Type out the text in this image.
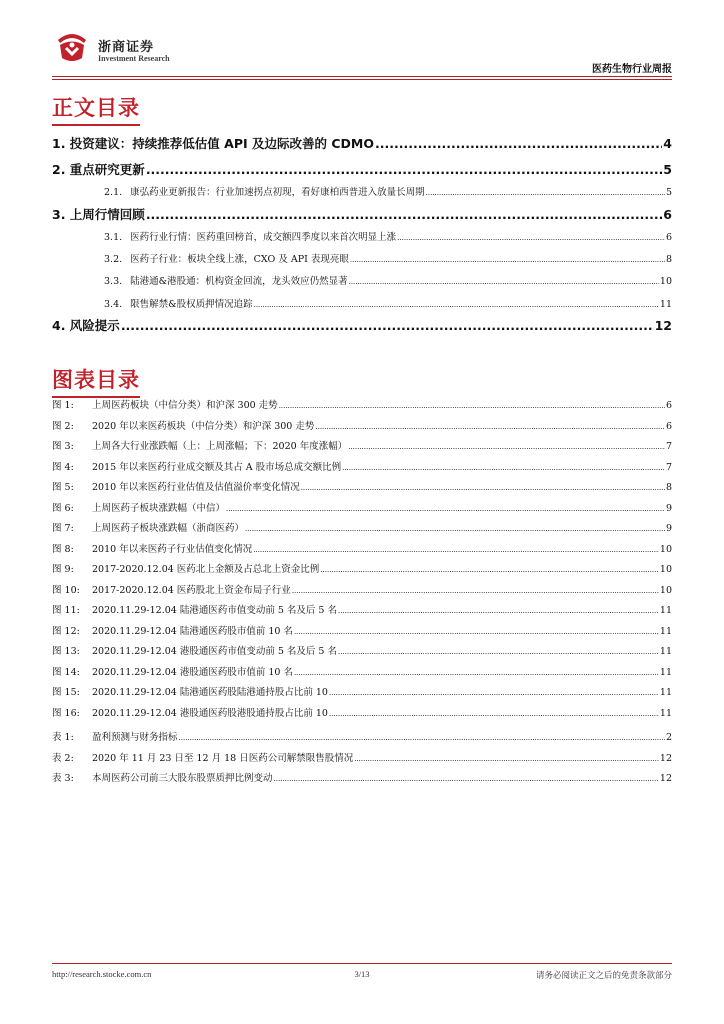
浙商证券
Investment Research
医药生物行业周报
正文目录
1. 投资建议：持续推荐低估值 API 及边际改善的 CDMO .....	4
2. 重点研究更新 .....	5
2.1. 康弘药业更新报告：行业加速拐点初现，看好康柏西普进入放量长周期 .....	5
3. 上周行情回顾 .....	6
3.1. 医药行业行情：医药重回榜首，成交额四季度以来首次明显上涨 .....	6
3.2. 医药子行业：板块全线上涨，CXO 及 API 表现亮眼 .....	8
3.3. 陆港通&港股通：机构资金回流，龙头效应仍然显著 .....	10
3.4. 限售解禁&股权质押情况追踪 .....	11
4. 风险提示 .....	12
图表目录
图 1: 上周医药板块（中信分类）和沪深 300 走势 .....	6
图 2: 2020 年以来医药板块（中信分类）和沪深 300 走势 .....	6
图 3: 上周各大行业涨跌幅（上：上周涨幅；下：2020 年度涨幅） .....	7
图 4: 2015 年以来医药行业成交额及其占 A 股市场总成交额比例 .....	7
图 5: 2010 年以来医药行业估值及估值溢价率变化情况 .....	8
图 6: 上周医药子板块涨跌幅（中信） .....	9
图 7: 上周医药子板块涨跌幅（浙商医药） .....	9
图 8: 2010 年以来医药子行业估值变化情况 .....	10
图 9: 2017-2020.12.04 医药北上金额及占总北上资金比例 .....	10
图 10: 2017-2020.12.04 医药股北上资金布局子行业 .....	10
图 11: 2020.11.29-12.04 陆港通医药市值变动前 5 名及后 5 名 .....	11
图 12: 2020.11.29-12.04 陆港通医药股市值前 10 名 .....	11
图 13: 2020.11.29-12.04 港股通医药市值变动前 5 名及后 5 名 .....	11
图 14: 2020.11.29-12.04 港股通医药股市值前 10 名 .....	11
图 15: 2020.11.29-12.04 陆港通医药股陆港通持股占比前 10 .....	11
图 16: 2020.11.29-12.04 港股通医药股港股通持股占比前 10 .....	11
表 1: 盈利预测与财务指标 .....	2
表 2: 2020 年 11 月 23 日至 12 月 18 日医药公司解禁限售股情况 .....	12
表 3: 本周医药公司前三大股东股票质押比例变动 .....	12
http://research.stocke.com.cn	3/13	请务必阅读正文之后的免责条款部分
